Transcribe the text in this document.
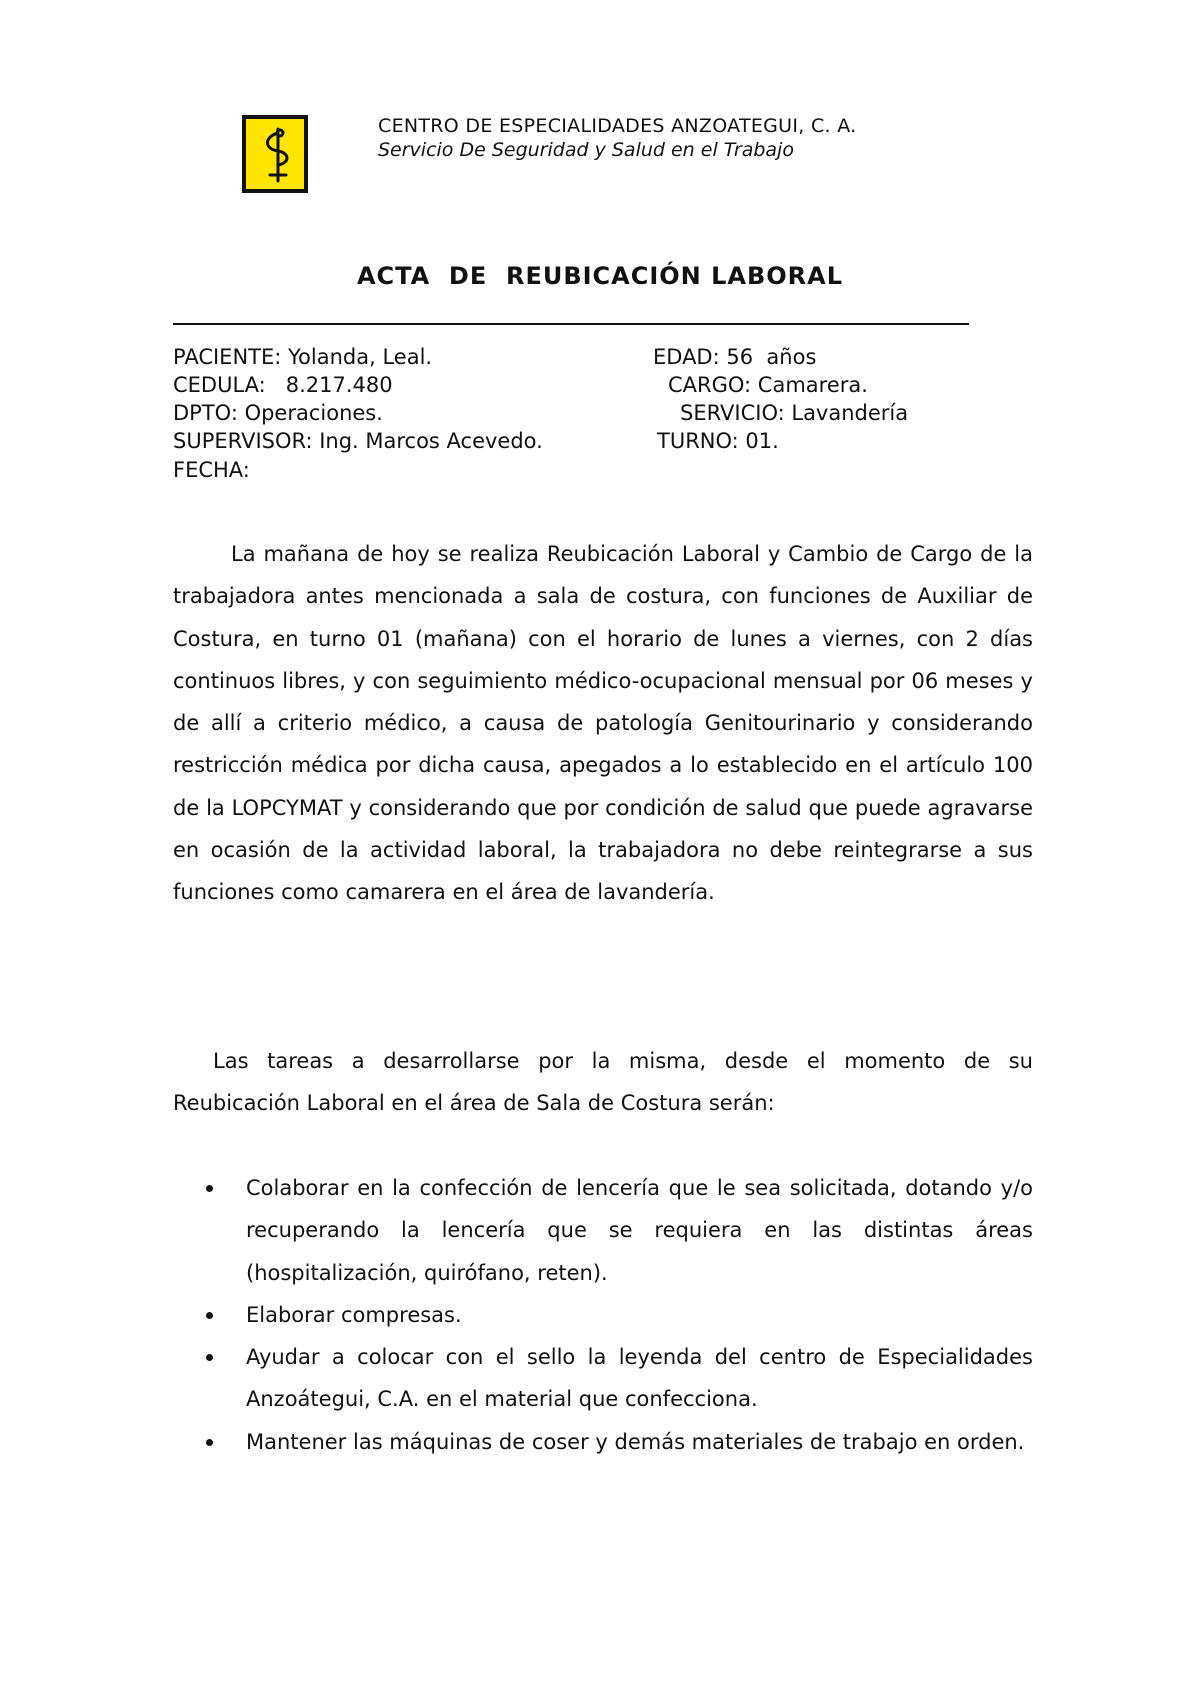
CENTRO DE ESPECIALIDADES ANZOATEGUI, C. A.
Servicio De Seguridad y Salud en el Trabajo
ACTA  DE  REUBICACIÓN LABORAL
PACIENTE: Yolanda, Leal.	EDAD: 56  años
CEDULA:   8.217.480	CARGO: Camarera.
DPTO: Operaciones.	SERVICIO: Lavandería
SUPERVISOR: Ing. Marcos Acevedo.	TURNO: 01.
FECHA:

La mañana de hoy se realiza Reubicación Laboral y Cambio de Cargo de la trabajadora antes mencionada a sala de costura, con funciones de Auxiliar de Costura, en turno 01 (mañana) con el horario de lunes a viernes, con 2 días continuos libres, y con seguimiento médico-ocupacional mensual por 06 meses y de allí a criterio médico, a causa de patología Genitourinario y considerando restricción médica por dicha causa, apegados a lo establecido en el artículo 100 de la LOPCYMAT y considerando que por condición de salud que puede agravarse en ocasión de la actividad laboral, la trabajadora no debe reintegrarse a sus funciones como camarera en el área de lavandería.

Las tareas a desarrollarse por la misma, desde el momento de su Reubicación Laboral en el área de Sala de Costura serán:

Colaborar en la confección de lencería que le sea solicitada, dotando y/o recuperando la lencería que se requiera en las distintas áreas (hospitalización, quirófano, reten).
Elaborar compresas.
Ayudar a colocar con el sello la leyenda del centro de Especialidades Anzoátegui, C.A. en el material que confecciona.
Mantener las máquinas de coser y demás materiales de trabajo en orden.
